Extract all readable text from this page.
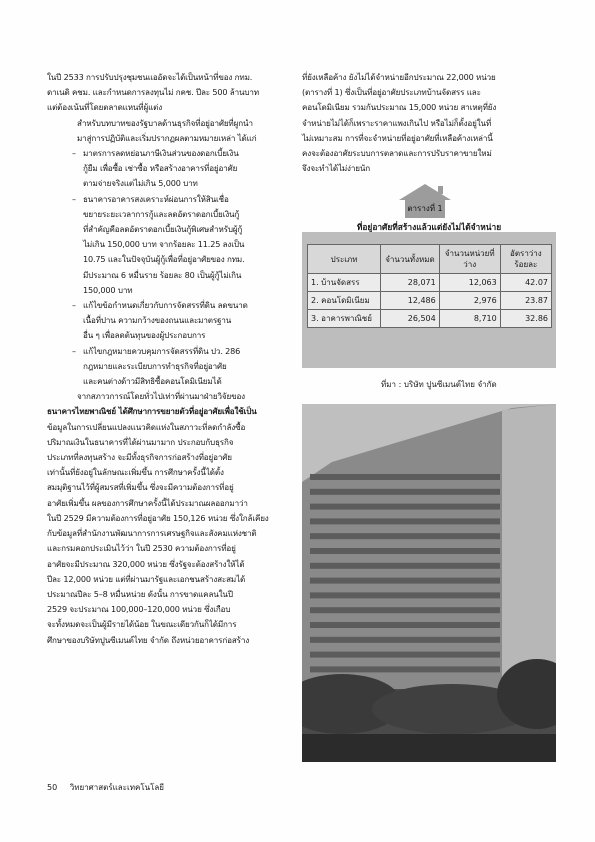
ในปี 2533 การปรับปรุงชุมชนแออัดจะได้เป็นหน้าที่ของ กทม.

ดาเนดิ คชม. และกำหนดการลงทุนไม่ กคช. ปีละ 500 ล้านบาท

แต่ต้องเน้นที่โดยตลาดแหนที่ผู้แต่ง

สำหรับบทบาทของรัฐบาลด้านธุรกิจที่อยู่อาศัยที่ผูกนำ

มาสู่การปฏิบัติและเริ่มปรากฏผลตามหมายเหล่า ได้แก่

– มาตรการลดหย่อนภาษีเงินส่วนของดอกเบี้ยเงิน

กู้ยืม เพื่อซื้อ เช่าซื้อ หรือสร้างอาคารที่อยู่อาศัย

ตามจ่ายจริงแต่ไม่เกิน 5,000 บาท

– ธนาคารอาคารสงเคราะห์ผ่อนการให้สินเชื่อ

ขยายระยะเวลาการกู้และลดอัตราดอกเบี้ยเงินกู้

ที่สำคัญคือลดอัตราดอกเบี้ยเงินกู้พิเศษสำหรับผู้กู้

ไม่เกิน 150,000 บาท จากร้อยละ 11.25 ลงเป็น

10.75 และในปัจจุบันผู้กู้เพื่อที่อยู่อาศัยของ กทม.

มีประมาณ 6 หมื่นราย ร้อยละ 80 เป็นผู้กู้ไม่เกิน

150,000 บาท

– แก้ไขข้อกำหนดเกี่ยวกับการจัดสรรที่ดิน ลดขนาด

เนื้อที่ปาน ความกว้างของถนนและมาตรฐาน

อื่น ๆ เพื่อลดต้นทุนของผู้ประกอบการ

– แก้ไขกฎหมายควบคุมการจัดสรรที่ดิน ปว. 286

กฎหมายและระเบียบการทำธุรกิจที่อยู่อาศัย

และคนต่างด้าวมีสิทธิซื้อคอนโดมิเนียมได้

จากสภาวการณ์โดยทั่วไปเท่าที่ผ่านมาฝ่ายวิจัยของ

ธนาคารไทยพาณิชย์ ได้ศึกษาการขยายตัวที่อยู่อาศัยเพื่อใช้เป็น

ข้อมูลในการเปลี่ยนแปลงแนวคิดแห่งในสภาวะที่ลดกำลังซื้อ

ปริมาณเงินในธนาคารที่ได้ผ่านมามาก ประกอบกับธุรกิจ

ประเภทที่ลงทุนสร้าง จะมีทั้งธุรกิจการก่อสร้างที่อยู่อาศัย

เท่านั้นที่ยังอยู่ในลักษณะเพิ่มขึ้น การศึกษาครั้งนี้ได้ตั้ง

สมมุติฐานไว้ที่ผู้สมรสที่เพิ่มขึ้น ซึ่งจะมีความต้องการที่อยู่

อาศัยเพิ่มขึ้น ผลของการศึกษาครั้งนี้ได้ประมาณผลออกมาว่า

ในปี 2529 มีความต้องการที่อยู่อาศัย 150,126 หน่วย ซึ่งใกล้เคียง

กับข้อมูลที่สำนักงานพัฒนาการการเศรษฐกิจและสังคมแห่งชาติ

และกรมคอกประเมินไว้ว่า ในปี 2530 ความต้องการที่อยู่

อาศัยจะมีประมาณ 320,000 หน่วย ซึ่งรัฐจะต้องสร้างให้ได้

ปีละ 12,000 หน่วย แต่ที่ผ่านมารัฐและเอกชนสร้างสะสมได้

ประมาณปีละ 5–8 หมื่นหน่วย ดังนั้น การขาดแคลนในปี

2529 จะประมาณ 100,000–120,000 หน่วย ซึ่งเกือบ

จะทั้งหมดจะเป็นผู้มีรายได้น้อย ในขณะเดียวกันก็ได้มีการ

ศึกษาของบริษัทปูนซีเมนต์ไทย จำกัด ถึงหน่วยอาคารก่อสร้าง

ที่ยังเหลือค้าง ยังไม่ได้จำหน่ายอีกประมาณ 22,000 หน่วย

(ตารางที่ 1) ซึ่งเป็นที่อยู่อาศัยประเภทบ้านจัดสรร และ

คอนโดมิเนียม รวมกันประมาณ 15,000 หน่วย สาเหตุที่ยัง

จำหน่ายไม่ได้ก็เพราะราคาแพงเกินไป หรือไม่ก็ตั้งอยู่ในที่

ไม่เหมาะสม การที่จะจำหน่ายที่อยู่อาศัยที่เหลือค้างเหล่านี้

คงจะต้องอาศัยระบบการตลาดและการปรับราคาขายใหม่

จึงจะทำได้ไม่ง่ายนัก

ตารางที่ 1
ที่อยู่อาศัยที่สร้างแล้วแต่ยังไม่ได้จำหน่าย
ประเภท	จำนวนทั้งหมด	จำนวนหน่วยที่ว่าง	อัตราว่าง ร้อยละ
1. บ้านจัดสรร	28,071	12,063	42.07
2. คอนโดมิเนียม	12,486	2,976	23.87
3. อาคารพาณิชย์	26,504	8,710	32.86
ที่มา : บริษัท ปูนซีเมนต์ไทย จำกัด
50 วิทยาศาสตร์และเทคโนโลยี
